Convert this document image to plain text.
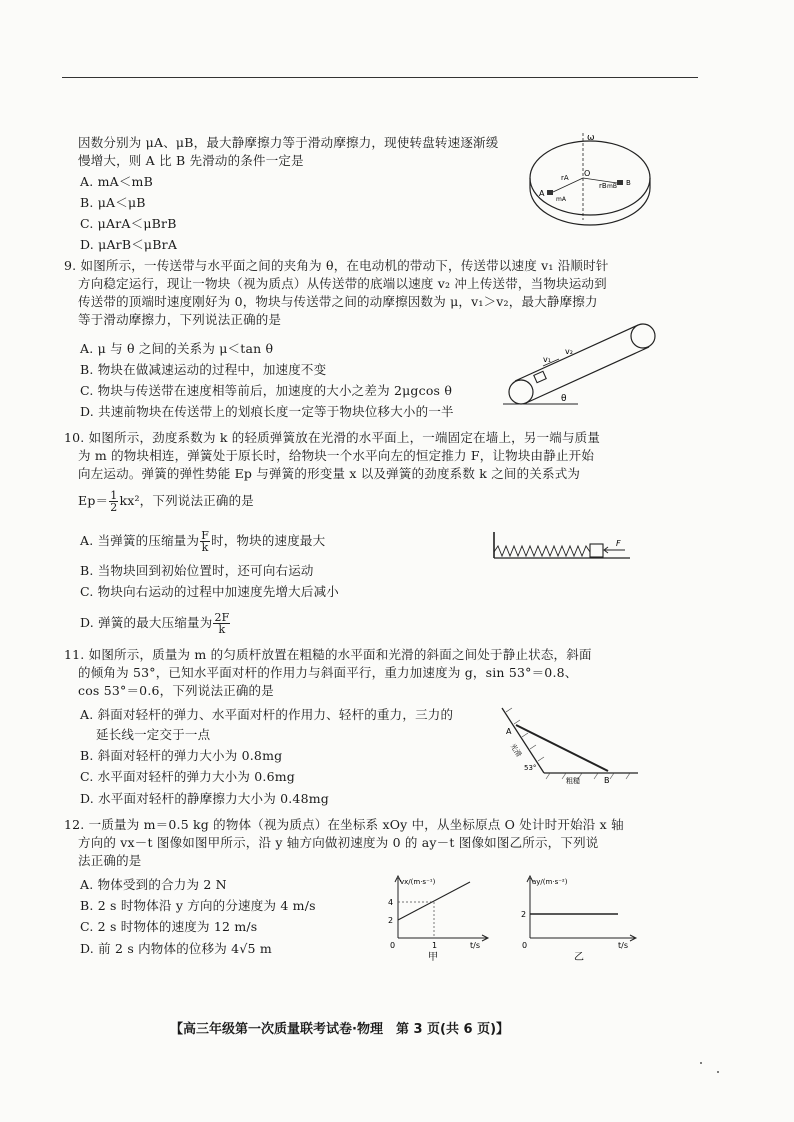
因数分别为 μA、μB，最大静摩擦力等于滑动摩擦力，现使转盘转速逐渐缓
慢增大，则 A 比 B 先滑动的条件一定是
A. mA＜mB
B. μA＜μB
C. μArA＜μBrB
D. μArB＜μBrA
ω
O
rA
rB mB
A
mA
B
9. 如图所示，一传送带与水平面之间的夹角为 θ，在电动机的带动下，传送带以速度 v₁ 沿顺时针
方向稳定运行，现让一物块（视为质点）从传送带的底端以速度 v₂ 冲上传送带，当物块运动到
传送带的顶端时速度刚好为 0，物块与传送带之间的动摩擦因数为 μ，v₁＞v₂，最大静摩擦力
等于滑动摩擦力，下列说法正确的是
A. μ 与 θ 之间的关系为 μ＜tan θ
B. 物块在做减速运动的过程中，加速度不变
C. 物块与传送带在速度相等前后，加速度的大小之差为 2μgcos θ
D. 共速前物块在传送带上的划痕长度一定等于物块位移大小的一半
v₁
v₂
θ
10. 如图所示，劲度系数为 k 的轻质弹簧放在光滑的水平面上，一端固定在墙上，另一端与质量
为 m 的物块相连，弹簧处于原长时，给物块一个水平向左的恒定推力 F，让物块由静止开始
向左运动。弹簧的弹性势能 Ep 与弹簧的形变量 x 以及弹簧的劲度系数 k 之间的关系式为
$Ep= \frac{1}{2} kx^2$，下列说法正确的是
A. 当弹簧的压缩量为 $\frac{F}{k}$ 时，物块的速度最大
B. 当物块回到初始位置时，还可向右运动
C. 物块向右运动的过程中加速度先增大后减小
D. 弹簧的最大压缩量为 $\frac{2F}{k}$
F
11. 如图所示，质量为 m 的匀质杆放置在粗糙的水平面和光滑的斜面之间处于静止状态，斜面
的倾角为 53°，已知水平面对杆的作用力与斜面平行，重力加速度为 g，sin 53°＝0.8、
cos 53°＝0.6，下列说法正确的是
A. 斜面对轻杆的弹力、水平面对杆的作用力、轻杆的重力，三力的
延长线一定交于一点
B. 斜面对轻杆的弹力大小为 0.8mg
C. 水平面对轻杆的弹力大小为 0.6mg
D. 水平面对轻杆的静摩擦力大小为 0.48mg
A
光滑
53°
粗糙	B
12. 一质量为 m＝0.5 kg 的物体（视为质点）在坐标系 xOy 中，从坐标原点 O 处计时开始沿 x 轴
方向的 vx－t 图像如图甲所示，沿 y 轴方向做初速度为 0 的 ay－t 图像如图乙所示，下列说
法正确的是
A. 物体受到的合力为 2 N
B. 2 s 时物体沿 y 方向的分速度为 4 m/s
C. 2 s 时物体的速度为 12 m/s
D. 前 2 s 内物体的位移为 4√5 m
vx/(m·s⁻¹)
4
2
0	1	t/s
甲
ay/(m·s⁻²)
2
0	t/s
乙
【高三年级第一次质量联考试卷·物理　第 3 页(共 6 页)】
